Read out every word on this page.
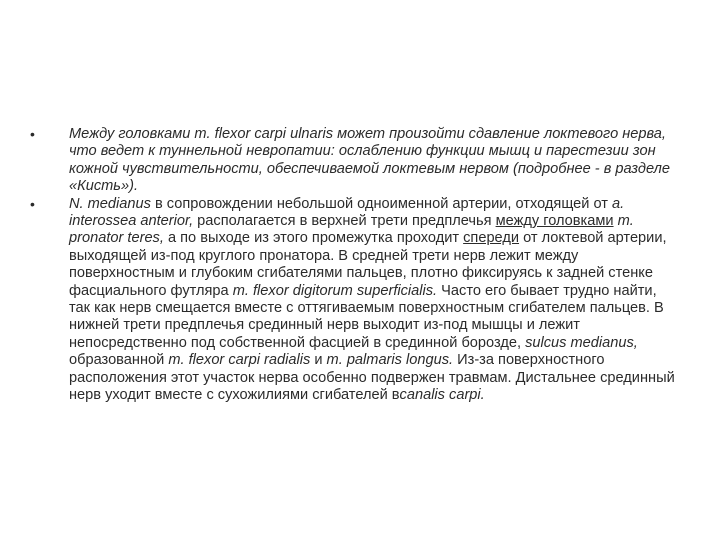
•	Между головками m. flexor carpi ulnaris может произойти сдавление локтевого нерва, что ведет к туннельной невропатии: ослаблению функции мышц и парестезии зон кожной чувствительности, обеспечиваемой локтевым нервом (подробнее - в разделе «Кисть»).
•	N. medianus в сопровождении небольшой одноименной артерии, отходящей от a. interossea anterior, располагается в верхней трети предплечья между головками m. pronator teres, а по выходе из этого промежутка проходит спереди от локтевой артерии, выходящей из-под круглого пронатора. В средней трети нерв лежит между поверхностным и глубоким сгибателями пальцев, плотно фиксируясь к задней стенке фасциального футляра m. flexor digitorum superficialis. Часто его бывает трудно найти, так как нерв смещается вместе с оттягиваемым поверхностным сгибателем пальцев. В нижней трети предплечья срединный нерв выходит из-под мышцы и лежит непосредственно под собственной фасцией в срединной борозде, sulcus medianus, образованной m. flexor carpi radialis и m. palmaris longus. Из-за поверхностного расположения этот участок нерва особенно подвержен травмам. Дистальнее срединный нерв уходит вместе с сухожилиями сгибателей вcanalis carpi.
